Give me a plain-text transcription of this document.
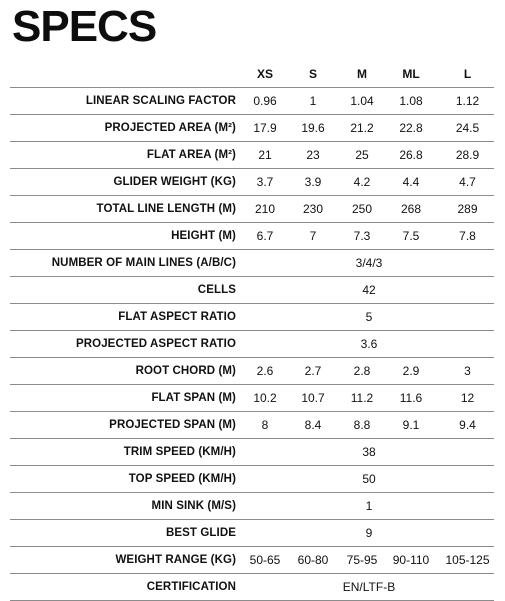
SPECS
XS	S	M	ML	L
LINEAR SCALING FACTOR	0.96	1	1.04	1.08	1.12
PROJECTED AREA (M²)	17.9	19.6	21.2	22.8	24.5
FLAT AREA (M²)	21	23	25	26.8	28.9
GLIDER WEIGHT (KG)	3.7	3.9	4.2	4.4	4.7
TOTAL LINE LENGTH (M)	210	230	250	268	289
HEIGHT (M)	6.7	7	7.3	7.5	7.8
NUMBER OF MAIN LINES (A/B/C)	3/4/3
CELLS	42
FLAT ASPECT RATIO	5
PROJECTED ASPECT RATIO	3.6
ROOT CHORD (M)	2.6	2.7	2.8	2.9	3
FLAT SPAN (M)	10.2	10.7	11.2	11.6	12
PROJECTED SPAN (M)	8	8.4	8.8	9.1	9.4
TRIM SPEED (KM/H)	38
TOP SPEED (KM/H)	50
MIN SINK (M/S)	1
BEST GLIDE	9
WEIGHT RANGE (KG)	50-65	60-80	75-95	90-110	105-125
CERTIFICATION	EN/LTF-B
